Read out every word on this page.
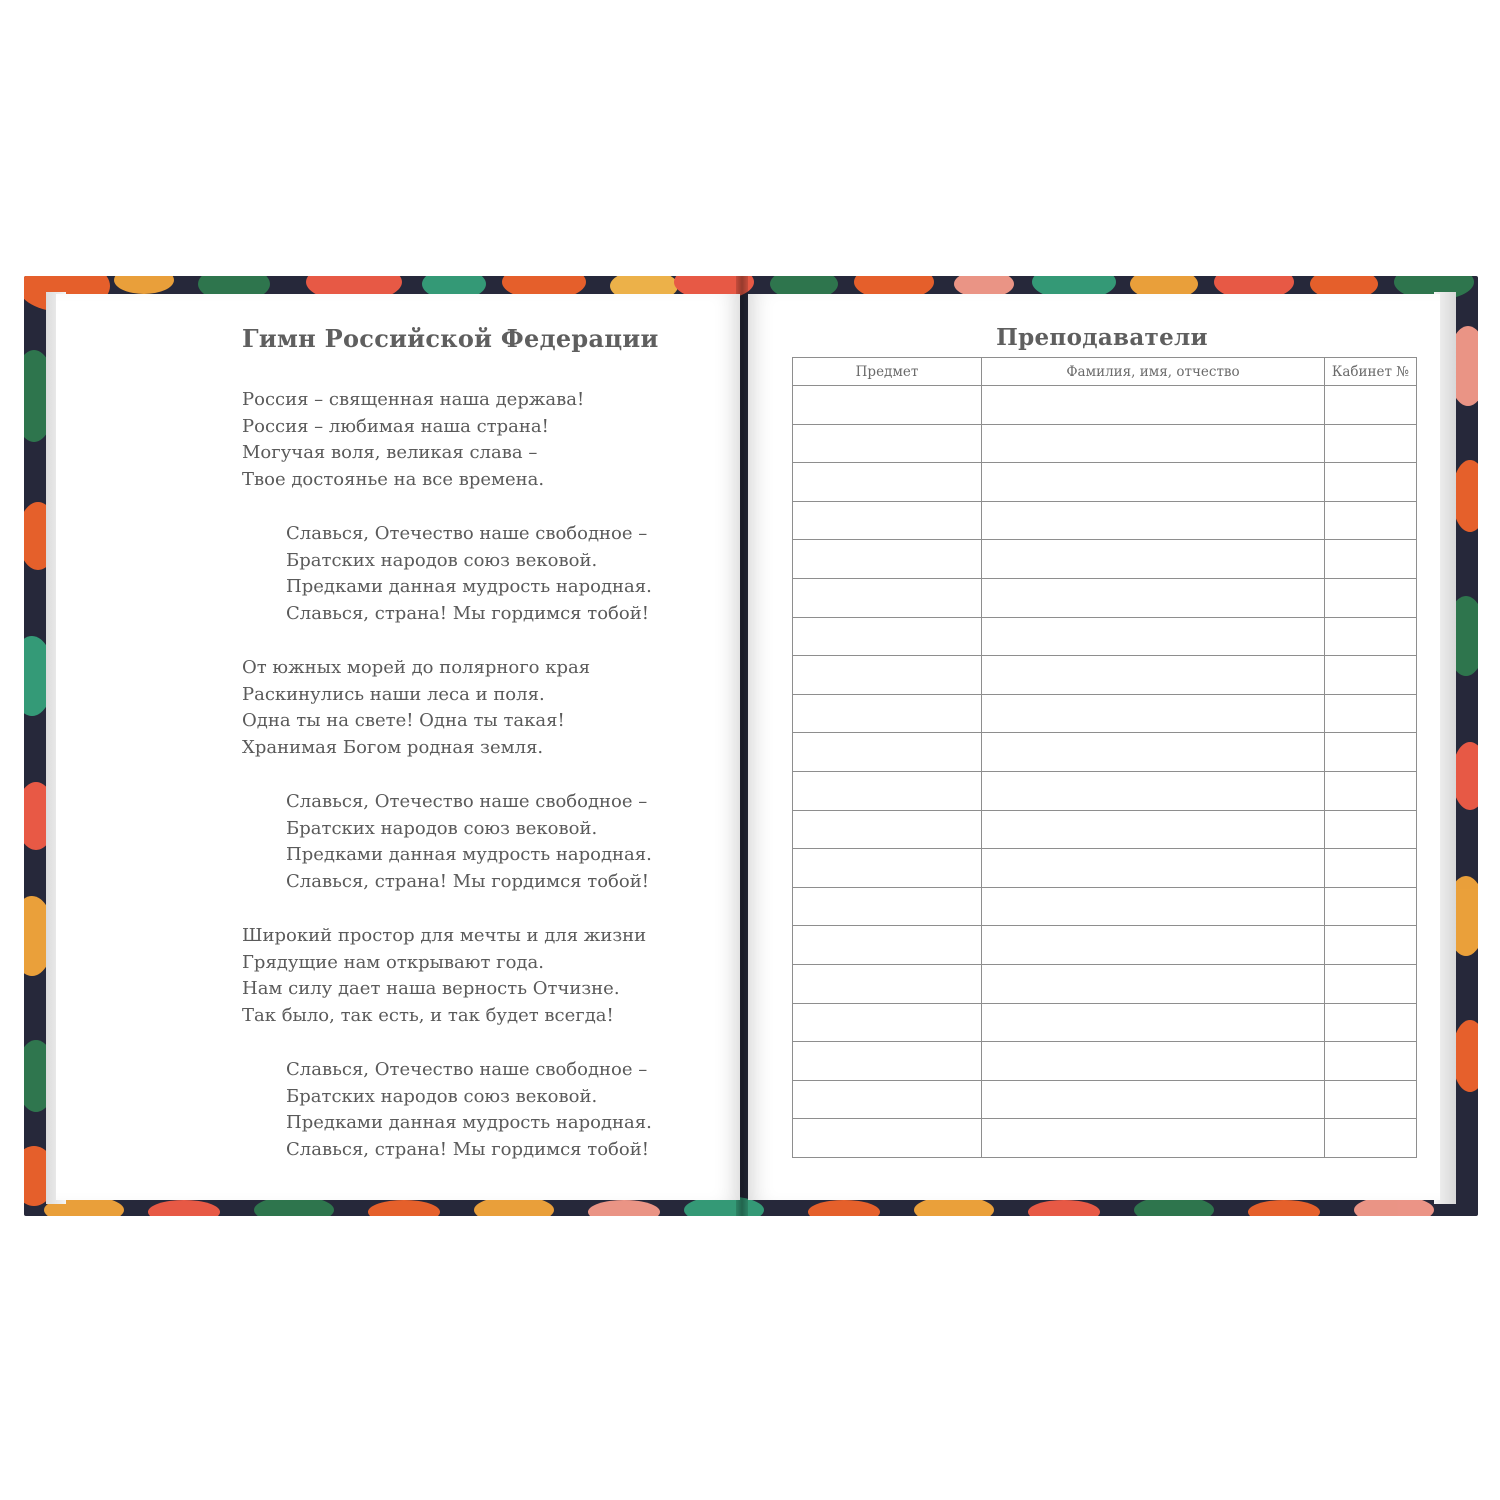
Гимн Российской Федерации
Россия – священная наша держава!
Россия – любимая наша страна!
Могучая воля, великая слава –
Твое достоянье на все времена.
Славься, Отечество наше свободное –
Братских народов союз вековой.
Предками данная мудрость народная.
Славься, страна! Мы гордимся тобой!
От южных морей до полярного края
Раскинулись наши леса и поля.
Одна ты на свете! Одна ты такая!
Хранимая Богом родная земля.
Славься, Отечество наше свободное –
Братских народов союз вековой.
Предками данная мудрость народная.
Славься, страна! Мы гордимся тобой!
Широкий простор для мечты и для жизни
Грядущие нам открывают года.
Нам силу дает наша верность Отчизне.
Так было, так есть, и так будет всегда!
Славься, Отечество наше свободное –
Братских народов союз вековой.
Предками данная мудрость народная.
Славься, страна! Мы гордимся тобой!
Преподаватели
Предмет	Фамилия, имя, отчество	Кабинет №
